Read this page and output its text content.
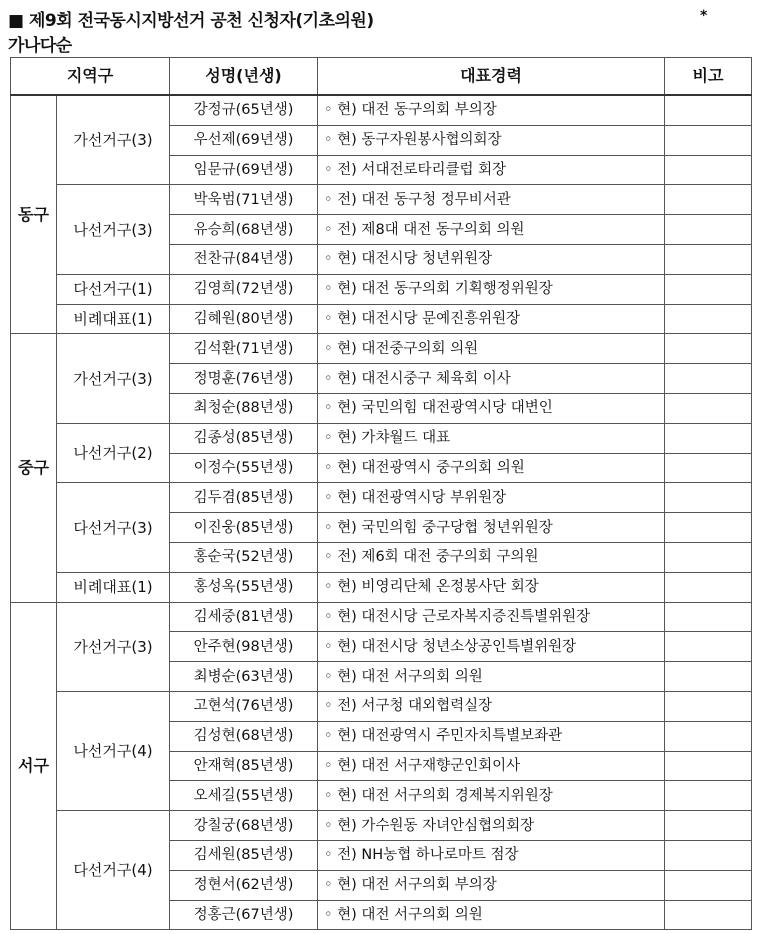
■ 제9회 전국동시지방선거 공천 신청자(기초의원)	*
가나다순
지역구		성명(년생)	대표경력	비고
동구	가선거구(3)	강정규(65년생)	◦ 현) 대전 동구의회 부의장	
		우선제(69년생)	◦ 현) 동구자원봉사협의회장	
		임문규(69년생)	◦ 전) 서대전로타리클럽 회장	
	나선거구(3)	박욱범(71년생)	◦ 전) 대전 동구청 정무비서관	
		유승희(68년생)	◦ 전) 제8대 대전 동구의회 의원	
		전찬규(84년생)	◦ 현) 대전시당 청년위원장	
	다선거구(1)	김영희(72년생)	◦ 현) 대전 동구의회 기획행정위원장	
	비례대표(1)	김혜원(80년생)	◦ 현) 대전시당 문예진흥위원장	
중구	가선거구(3)	김석환(71년생)	◦ 현) 대전중구의회 의원	
		정명훈(76년생)	◦ 현) 대전시중구 체육회 이사	
		최청순(88년생)	◦ 현) 국민의힘 대전광역시당 대변인	
	나선거구(2)	김종성(85년생)	◦ 현) 가챠월드 대표	
		이정수(55년생)	◦ 현) 대전광역시 중구의회 의원	
	다선거구(3)	김두겸(85년생)	◦ 현) 대전광역시당 부위원장	
		이진웅(85년생)	◦ 현) 국민의힘 중구당협 청년위원장	
		홍순국(52년생)	◦ 전) 제6회 대전 중구의회 구의원	
	비례대표(1)	홍성옥(55년생)	◦ 현) 비영리단체 온정봉사단 회장	
서구	가선거구(3)	김세중(81년생)	◦ 현) 대전시당 근로자복지증진특별위원장	
		안주현(98년생)	◦ 현) 대전시당 청년소상공인특별위원장	
		최병순(63년생)	◦ 현) 대전 서구의회 의원	
	나선거구(4)	고현석(76년생)	◦ 전) 서구청 대외협력실장	
		김성현(68년생)	◦ 현) 대전광역시 주민자치특별보좌관	
		안재혁(85년생)	◦ 현) 대전 서구재향군인회이사	
		오세길(55년생)	◦ 현) 대전 서구의회 경제복지위원장	
	다선거구(4)	강칠궁(68년생)	◦ 현) 가수원동 자녀안심협의회장	
		김세원(85년생)	◦ 전) NH농협 하나로마트 점장	
		정현서(62년생)	◦ 현) 대전 서구의회 부의장	
		정홍근(67년생)	◦ 현) 대전 서구의회 의원	
